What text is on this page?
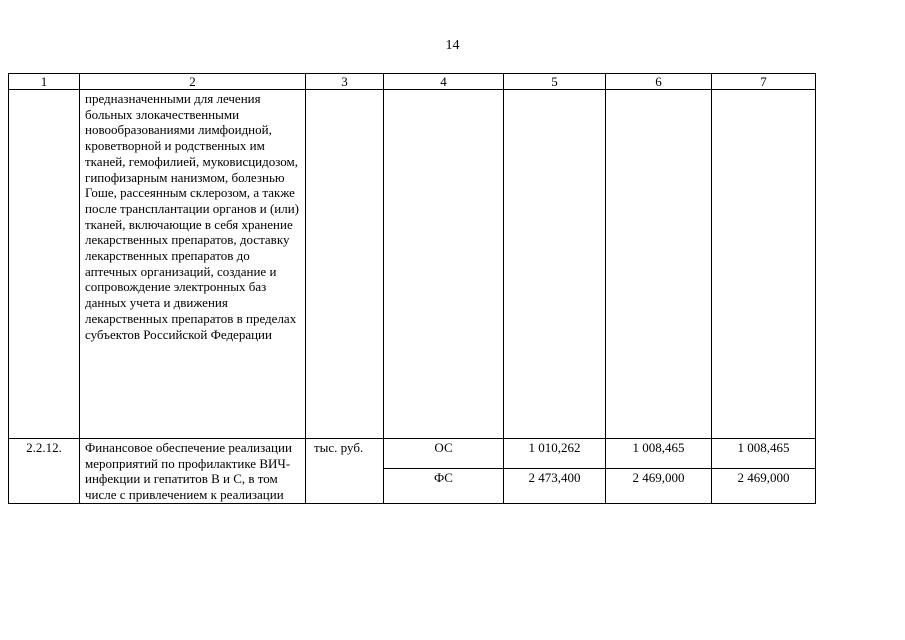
14
1	2	3	4	5	6	7
	предназначенными для лечения больных злокачественными новообразованиями лимфоидной, кроветворной и родственных им тканей, гемофилией, муковисцидозом, гипофизарным нанизмом, болезнью Гоше, рассеянным склерозом, а также после трансплантации органов и (или) тканей, включающие в себя хранение лекарственных препаратов, доставку лекарственных препаратов до аптечных организаций, создание и сопровождение электронных баз данных учета и движения лекарственных препаратов в пределах субъектов Российской Федерации					
2.2.12.	Финансовое обеспечение реализации мероприятий по профилактике ВИЧ-инфекции и гепатитов В и С, в том числе с привлечением к реализации	тыс. руб.	ОС	1 010,262	1 008,465	1 008,465
			ФС	2 473,400	2 469,000	2 469,000
